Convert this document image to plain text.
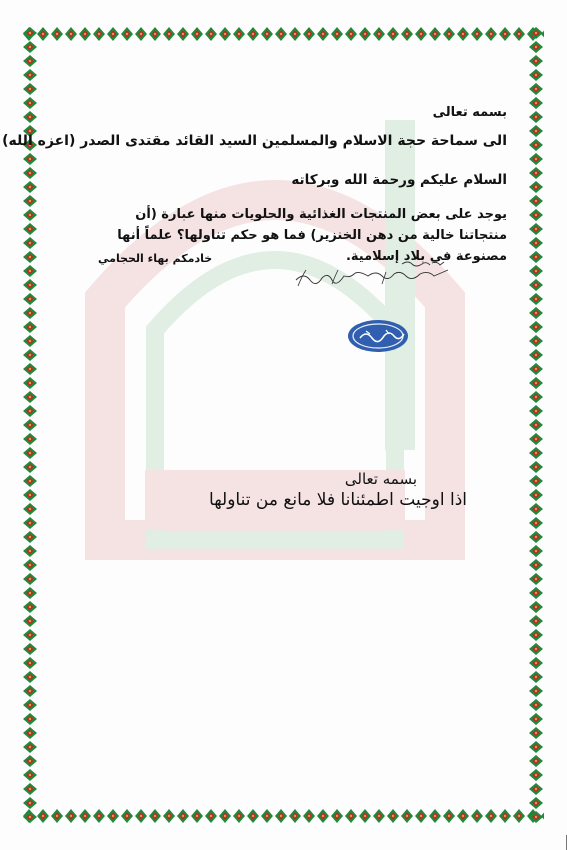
بسمه تعالى
الى سماحة حجة الاسلام والمسلمين السيد القائد مقتدى الصدر (اعزه الله)
السلام عليكم ورحمة الله وبركاته
يوجد على بعض المنتجات الغذائية والحلويات منها عبارة (أن منتجاتنا خالية من دهن الخنزير) فما هو حكم تناولها؟ علماً أنها مصنوعة في بلاد إسلامية.
خادمكم بهاء الحجامي
بسمه تعالى
اذا اوجيت اطمئنانا فلا مانع من تناولها
